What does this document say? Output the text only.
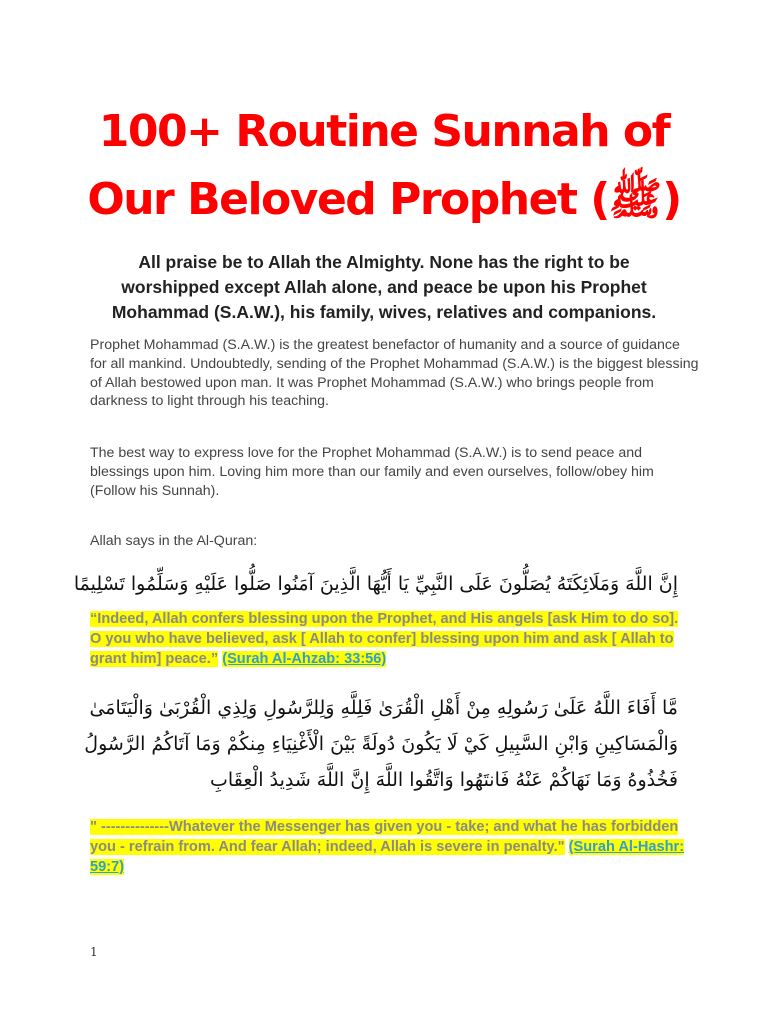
100+ Routine Sunnah of
Our Beloved Prophet (ﷺ)
All praise be to Allah the Almighty. None has the right to be worshipped except Allah alone, and peace be upon his Prophet Mohammad (S.A.W.), his family, wives, relatives and companions.
Prophet Mohammad (S.A.W.) is the greatest benefactor of humanity and a source of guidance for all mankind. Undoubtedly, sending of the Prophet Mohammad (S.A.W.) is the biggest blessing of Allah bestowed upon man. It was Prophet Mohammad (S.A.W.) who brings people from darkness to light through his teaching.
The best way to express love for the Prophet Mohammad (S.A.W.) is to send peace and blessings upon him. Loving him more than our family and even ourselves, follow/obey him (Follow his Sunnah).
Allah says in the Al-Quran:
إِنَّ اللَّهَ وَمَلَائِكَتَهُ يُصَلُّونَ عَلَى النَّبِيِّ يَا أَيُّهَا الَّذِينَ آمَنُوا صَلُّوا عَلَيْهِ وَسَلِّمُوا تَسْلِيمًا
“Indeed, Allah confers blessing upon the Prophet, and His angels [ask Him to do so]. O you who have believed, ask [ Allah to confer] blessing upon him and ask [ Allah to grant him] peace.” (Surah Al-Ahzab: 33:56)
مَّا أَفَاءَ اللَّهُ عَلَىٰ رَسُولِهِ مِنْ أَهْلِ الْقُرَىٰ فَلِلَّهِ وَلِلرَّسُولِ وَلِذِي الْقُرْبَىٰ وَالْيَتَامَىٰ
وَالْمَسَاكِينِ وَابْنِ السَّبِيلِ كَيْ لَا يَكُونَ دُولَةً بَيْنَ الْأَغْنِيَاءِ مِنكُمْ وَمَا آتَاكُمُ الرَّسُولُ
فَخُذُوهُ وَمَا نَهَاكُمْ عَنْهُ فَانتَهُوا وَاتَّقُوا اللَّهَ إِنَّ اللَّهَ شَدِيدُ الْعِقَابِ
" --------------Whatever the Messenger has given you - take; and what he has forbidden you - refrain from. And fear Allah; indeed, Allah is severe in penalty." (Surah Al-Hashr: 59:7)
1
